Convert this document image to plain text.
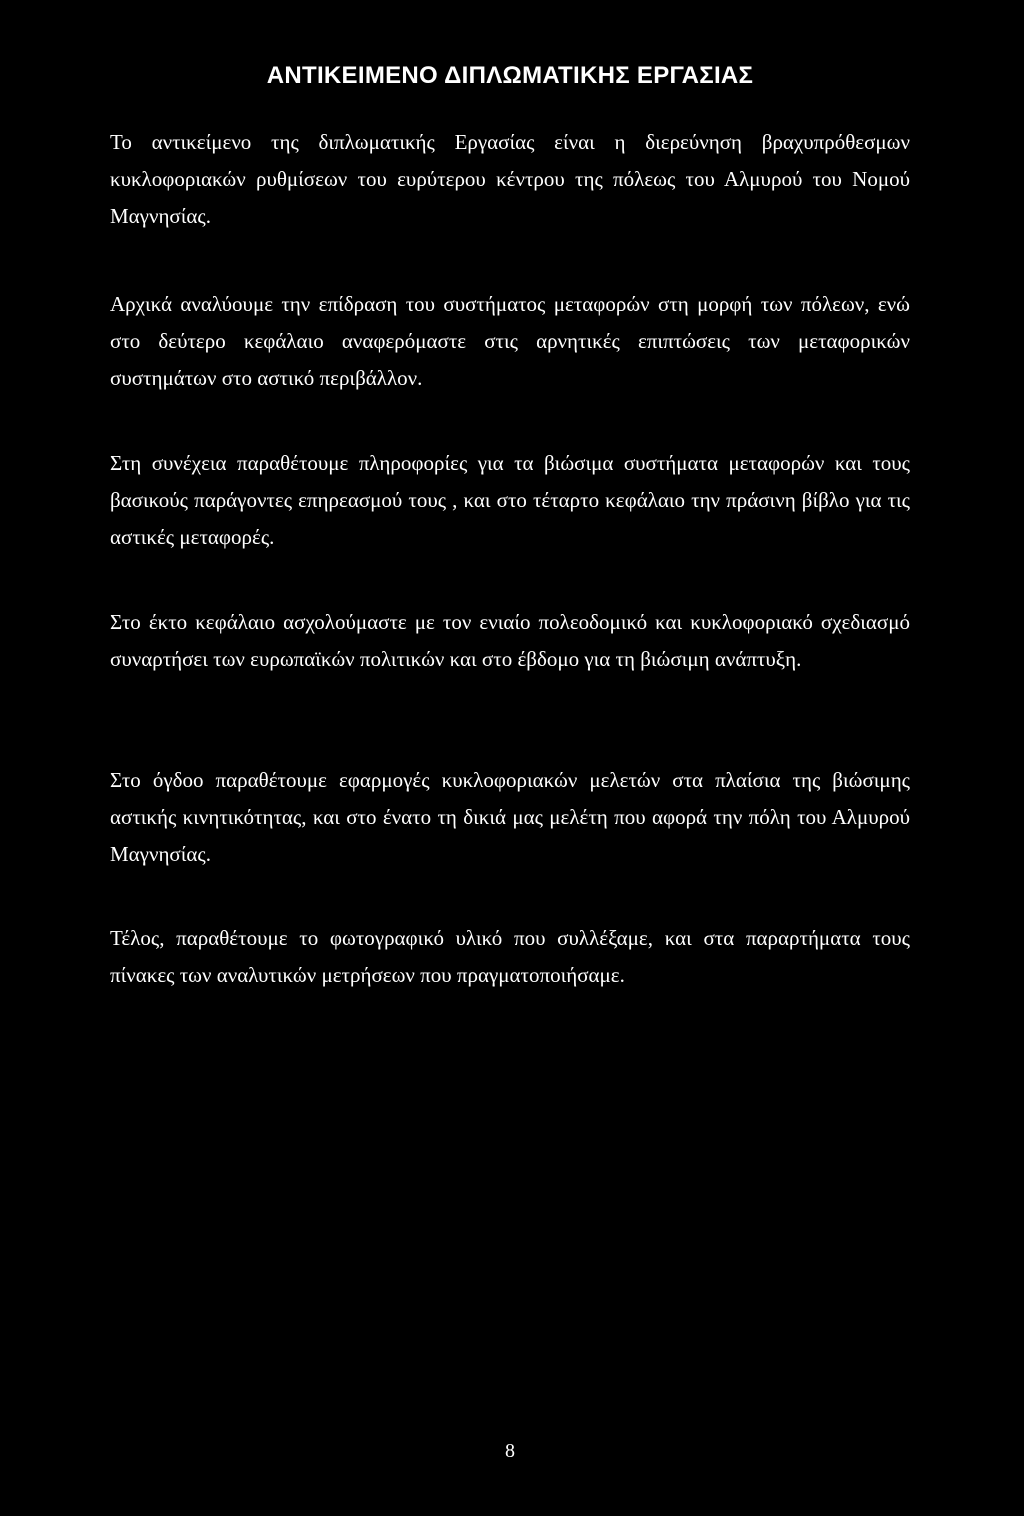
ΑΝΤΙΚΕΙΜΕΝΟ ΔΙΠΛΩΜΑΤΙΚΗΣ ΕΡΓΑΣΙΑΣ

Το αντικείμενο της διπλωματικής Εργασίας είναι η διερεύνηση βραχυπρόθεσμων κυκλοφοριακών ρυθμίσεων του ευρύτερου κέντρου της πόλεως του Αλμυρού του Νομού Μαγνησίας.

Αρχικά αναλύουμε την επίδραση του συστήματος μεταφορών στη μορφή των πόλεων, ενώ στο δεύτερο κεφάλαιο αναφερόμαστε στις αρνητικές επιπτώσεις των μεταφορικών συστημάτων στο αστικό περιβάλλον.

Στη συνέχεια παραθέτουμε πληροφορίες για τα βιώσιμα συστήματα μεταφορών και τους βασικούς παράγοντες επηρεασμού τους , και στο τέταρτο κεφάλαιο την πράσινη βίβλο για τις αστικές μεταφορές.

Στο έκτο κεφάλαιο ασχολούμαστε με τον ενιαίο πολεοδομικό και κυκλοφοριακό σχεδιασμό συναρτήσει των ευρωπαϊκών πολιτικών και στο έβδομο για τη βιώσιμη ανάπτυξη.

Στο όγδοο παραθέτουμε εφαρμογές κυκλοφοριακών μελετών στα πλαίσια της βιώσιμης αστικής κινητικότητας, και στο ένατο τη δικιά μας μελέτη που αφορά την πόλη του Αλμυρού Μαγνησίας.

Τέλος, παραθέτουμε το φωτογραφικό υλικό που συλλέξαμε, και στα παραρτήματα τους πίνακες των αναλυτικών μετρήσεων που πραγματοποιήσαμε.

8
